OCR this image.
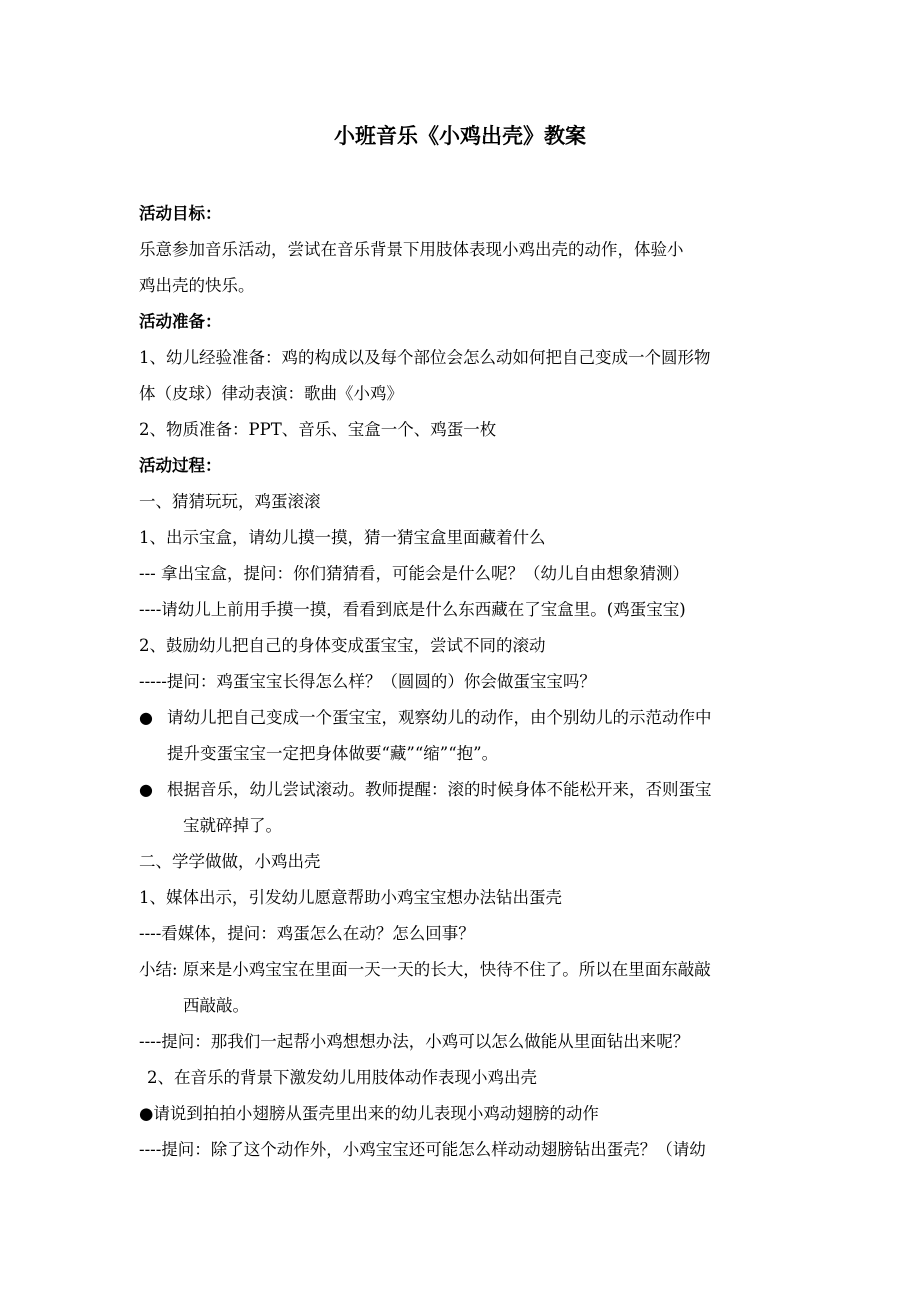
小班音乐《小鸡出壳》教案
活动目标：
乐意参加音乐活动，尝试在音乐背景下用肢体表现小鸡出壳的动作，体验小
鸡出壳的快乐。
活动准备：
1、幼儿经验准备：鸡的构成以及每个部位会怎么动如何把自己变成一个圆形物
体（皮球）律动表演：歌曲《小鸡》
2、物质准备：PPT、音乐、宝盒一个、鸡蛋一枚
活动过程：
一、猜猜玩玩，鸡蛋滚滚
1、出示宝盒，请幼儿摸一摸，猜一猜宝盒里面藏着什么
--- 拿出宝盒，提问：你们猜猜看，可能会是什么呢？（幼儿自由想象猜测）
----请幼儿上前用手摸一摸，看看到底是什么东西藏在了宝盒里。(鸡蛋宝宝)
2、鼓励幼儿把自己的身体变成蛋宝宝，尝试不同的滚动
-----提问：鸡蛋宝宝长得怎么样？（圆圆的）你会做蛋宝宝吗？
● 请幼儿把自己变成一个蛋宝宝，观察幼儿的动作，由个别幼儿的示范动作中
提升变蛋宝宝一定把身体做要“藏”“缩”“抱”。
● 根据音乐，幼儿尝试滚动。教师提醒：滚的时候身体不能松开来，否则蛋宝
宝就碎掉了。
二、学学做做，小鸡出壳
1、媒体出示，引发幼儿愿意帮助小鸡宝宝想办法钻出蛋壳
----看媒体，提问：鸡蛋怎么在动？怎么回事？
小结: 原来是小鸡宝宝在里面一天一天的长大，快待不住了。所以在里面东敲敲
西敲敲。
----提问：那我们一起帮小鸡想想办法，小鸡可以怎么做能从里面钻出来呢？
2、在音乐的背景下激发幼儿用肢体动作表现小鸡出壳
●请说到拍拍小翅膀从蛋壳里出来的幼儿表现小鸡动翅膀的动作
----提问：除了这个动作外，小鸡宝宝还可能怎么样动动翅膀钻出蛋壳？（请幼
